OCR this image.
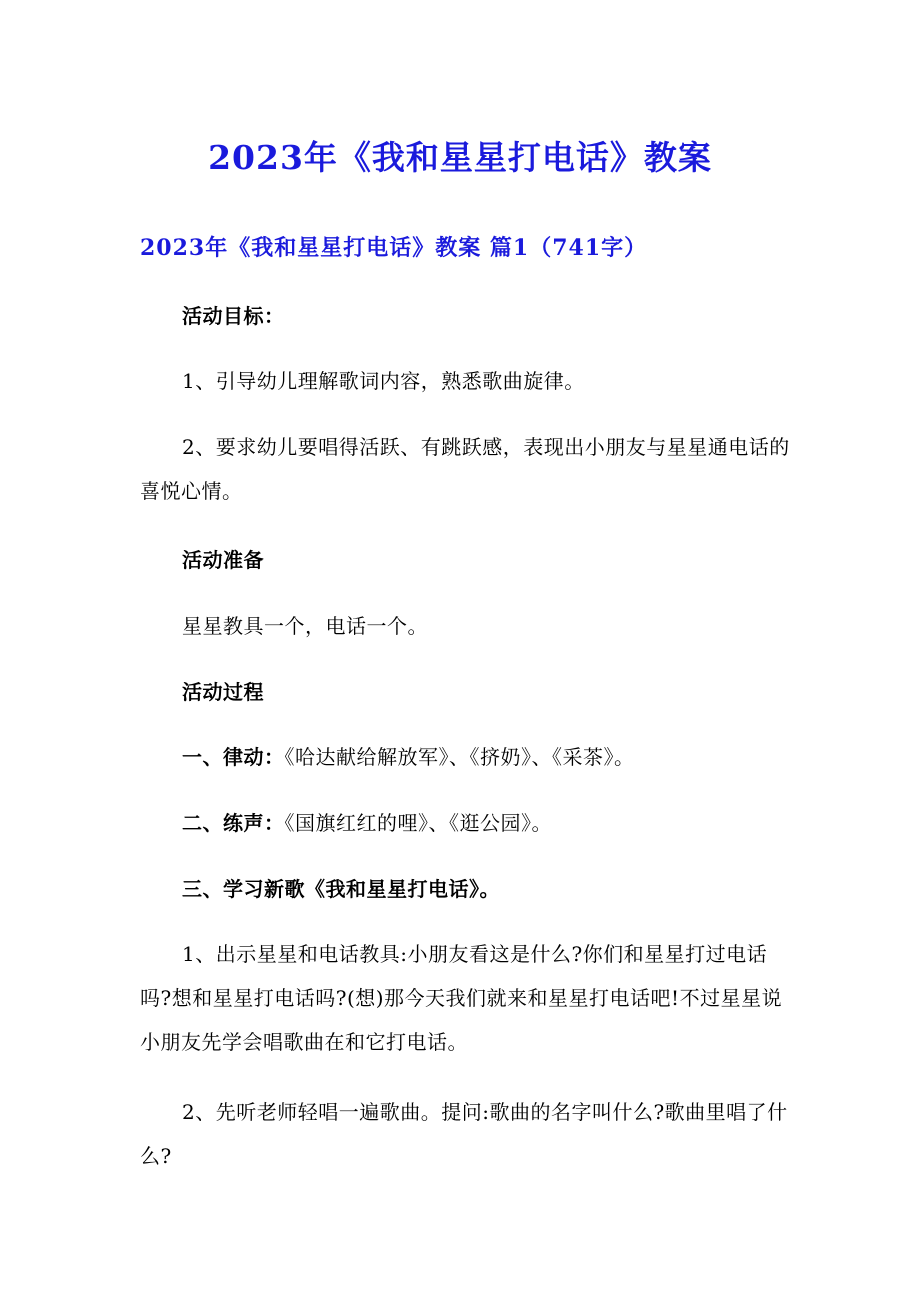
2023年《我和星星打电话》教案
2023年《我和星星打电话》教案 篇1（741字）

活动目标：

1、引导幼儿理解歌词内容，熟悉歌曲旋律。

2、要求幼儿要唱得活跃、有跳跃感，表现出小朋友与星星通电话的喜悦心情。

活动准备

星星教具一个，电话一个。

活动过程

一、律动：《哈达献给解放军》、《挤奶》、《采茶》。

二、练声：《国旗红红的哩》、《逛公园》。

三、学习新歌《我和星星打电话》。

1、出示星星和电话教具:小朋友看这是什么?你们和星星打过电话吗?想和星星打电话吗?(想)那今天我们就来和星星打电话吧!不过星星说小朋友先学会唱歌曲在和它打电话。

2、先听老师轻唱一遍歌曲。提问:歌曲的名字叫什么?歌曲里唱了什么?
